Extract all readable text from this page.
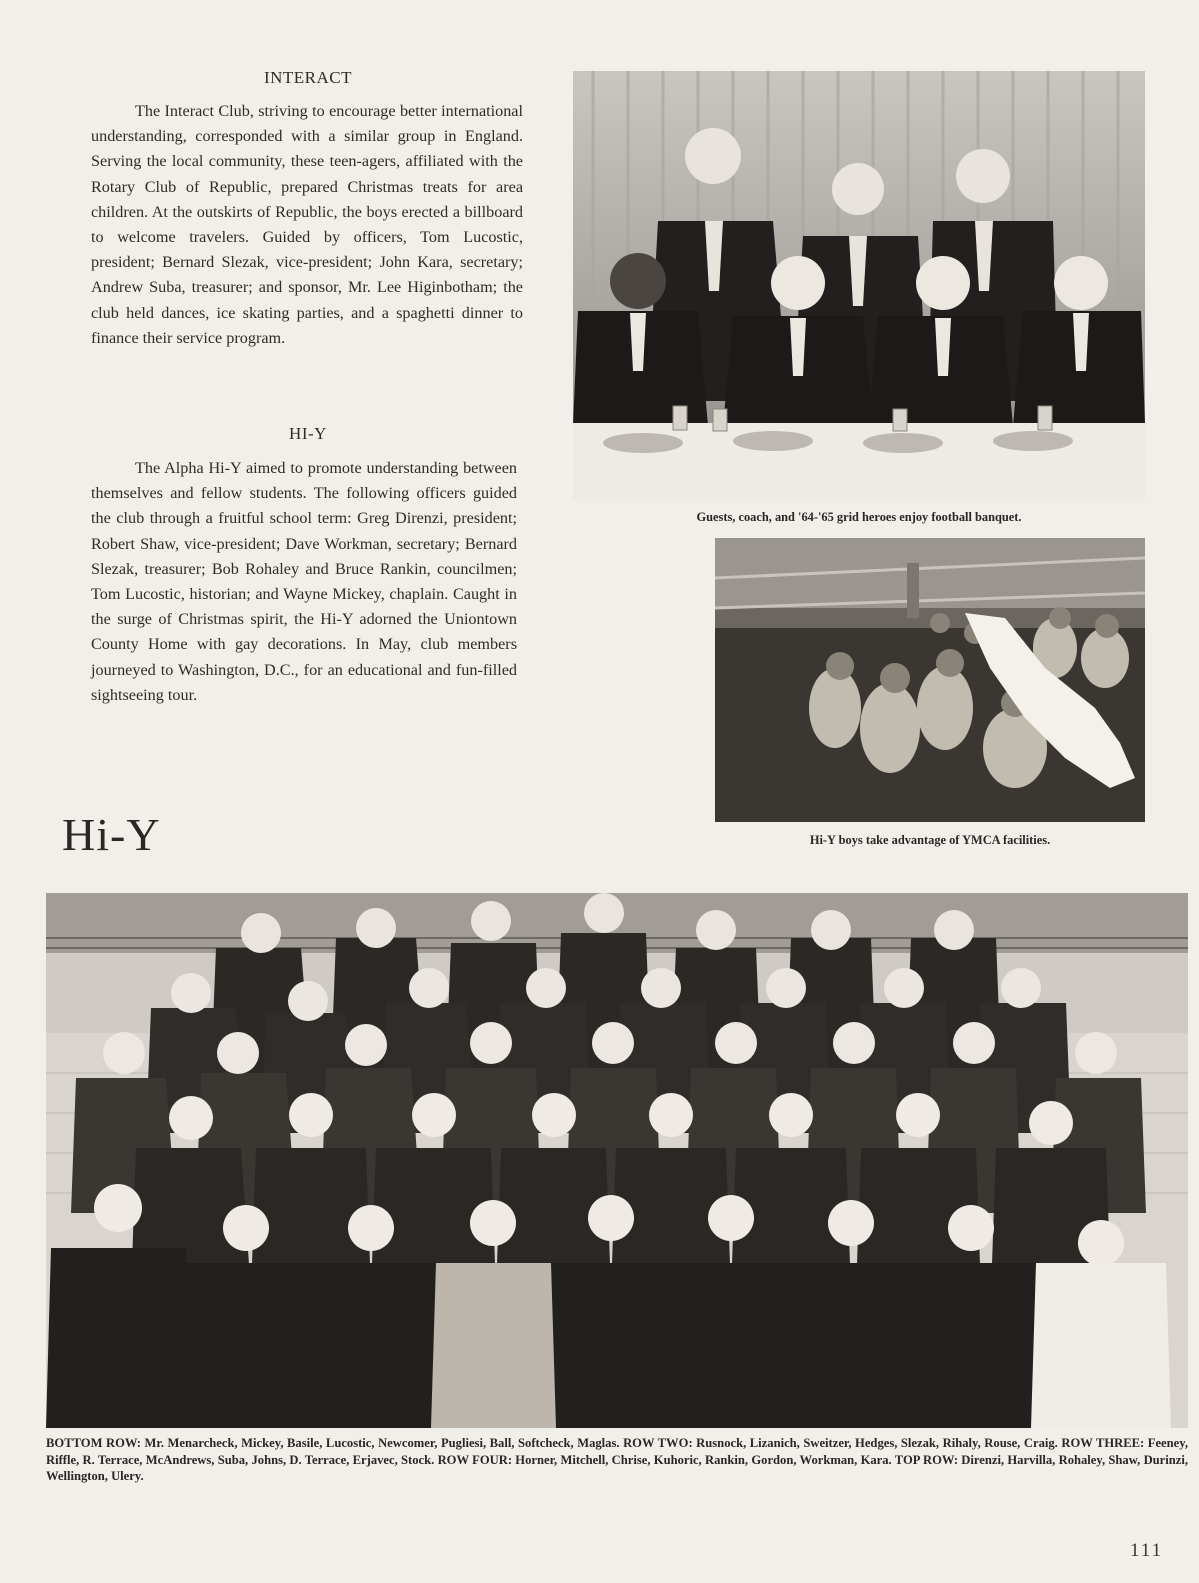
INTERACT

The Interact Club, striving to encourage better international understanding, corresponded with a similar group in England. Serving the local community, these teen-agers, affiliated with the Rotary Club of Republic, prepared Christmas treats for area children. At the outskirts of Republic, the boys erected a billboard to welcome travelers. Guided by officers, Tom Lucostic, president; Bernard Slezak, vice-president; John Kara, secretary; Andrew Suba, treasurer; and sponsor, Mr. Lee Higinbotham; the club held dances, ice skating parties, and a spaghetti dinner to finance their service program.

HI-Y

The Alpha Hi-Y aimed to promote understanding between themselves and fellow students. The following officers guided the club through a fruitful school term: Greg Direnzi, president; Robert Shaw, vice-president; Dave Workman, secretary; Bernard Slezak, treasurer; Bob Rohaley and Bruce Rankin, councilmen; Tom Lucostic, historian; and Wayne Mickey, chaplain. Caught in the surge of Christmas spirit, the Hi-Y adorned the Uniontown County Home with gay decorations. In May, club members journeyed to Washington, D.C., for an educational and fun-filled sightseeing tour.

Guests, coach, and '64-'65 grid heroes enjoy football banquet.
Hi-Y boys take advantage of YMCA facilities.
Hi-Y

BOTTOM ROW: Mr. Menarcheck, Mickey, Basile, Lucostic, Newcomer, Pugliesi, Ball, Softcheck, Maglas. ROW TWO: Rusnock, Lizanich, Sweitzer, Hedges, Slezak, Rihaly, Rouse, Craig. ROW THREE: Feeney, Riffle, R. Terrace, McAndrews, Suba, Johns, D. Terrace, Erjavec, Stock. ROW FOUR: Horner, Mitchell, Chrise, Kuhoric, Rankin, Gordon, Workman, Kara. TOP ROW: Direnzi, Harvilla, Rohaley, Shaw, Durinzi, Wellington, Ulery.

111
